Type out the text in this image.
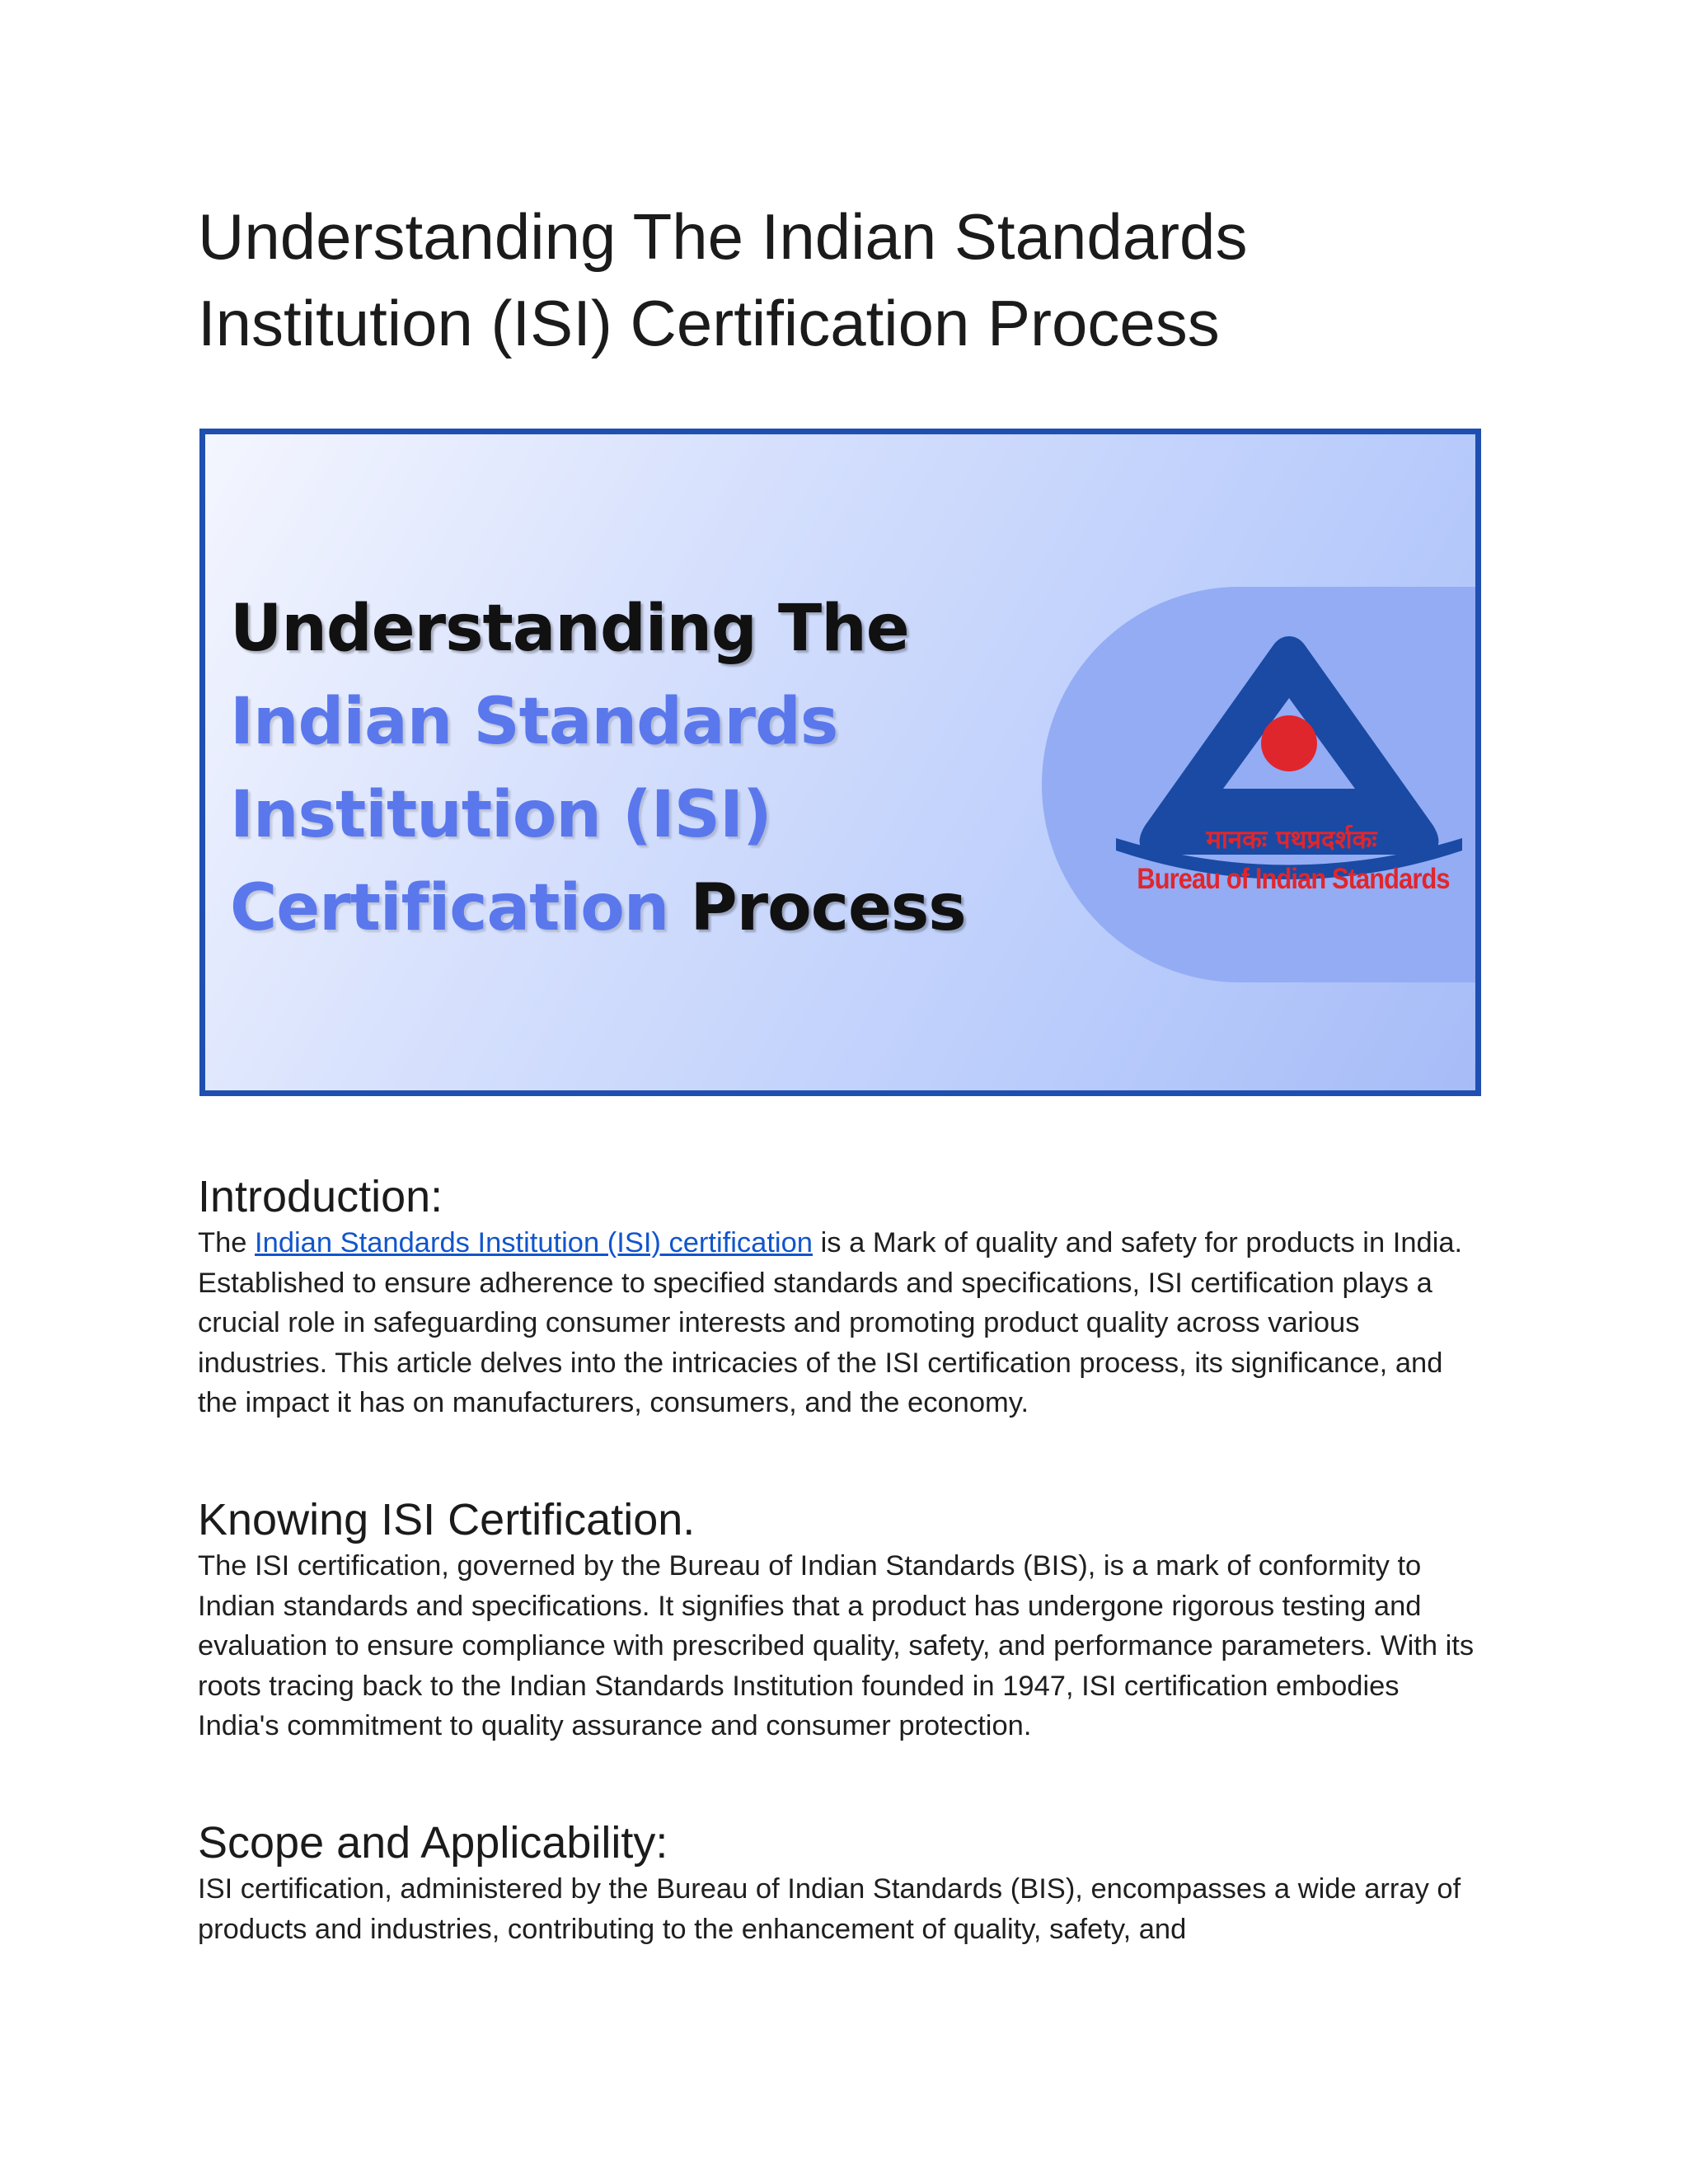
Understanding The Indian Standards Institution (ISI) Certification Process
Understanding The
Indian Standards
Institution (ISI)
Certification Process
मानकः पथप्रदर्शकः
Bureau of Indian Standards
Introduction:

The Indian Standards Institution (ISI) certification is a Mark of quality and safety for products in India. Established to ensure adherence to specified standards and specifications, ISI certification plays a crucial role in safeguarding consumer interests and promoting product quality across various industries. This article delves into the intricacies of the ISI certification process, its significance, and the impact it has on manufacturers, consumers, and the economy.

Knowing ISI Certification.

The ISI certification, governed by the Bureau of Indian Standards (BIS), is a mark of conformity to Indian standards and specifications. It signifies that a product has undergone rigorous testing and evaluation to ensure compliance with prescribed quality, safety, and performance parameters. With its roots tracing back to the Indian Standards Institution founded in 1947, ISI certification embodies India's commitment to quality assurance and consumer protection.

Scope and Applicability:

ISI certification, administered by the Bureau of Indian Standards (BIS), encompasses a wide array of products and industries, contributing to the enhancement of quality, safety, and
